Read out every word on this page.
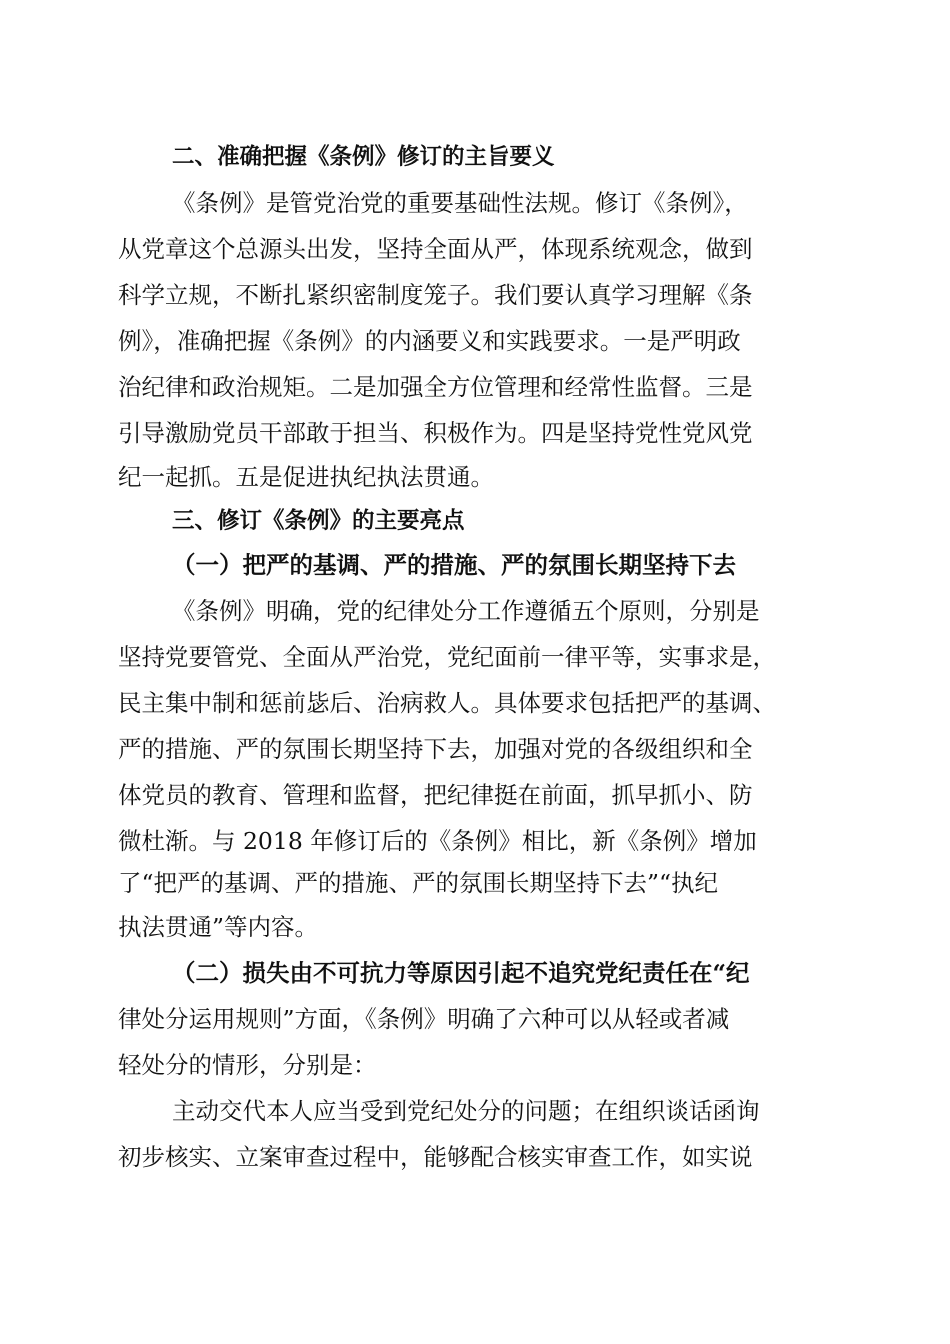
二、准确把握《条例》修订的主旨要义
《条例》是管党治党的重要基础性法规。修订《条例》，
从党章这个总源头出发，坚持全面从严，体现系统观念，做到
科学立规，不断扎紧织密制度笼子。我们要认真学习理解《条
例》，准确把握《条例》的内涵要义和实践要求。一是严明政
治纪律和政治规矩。二是加强全方位管理和经常性监督。三是
引导激励党员干部敢于担当、积极作为。四是坚持党性党风党
纪一起抓。五是促进执纪执法贯通。
三、修订《条例》的主要亮点
（一）把严的基调、严的措施、严的氛围长期坚持下去
《条例》明确，党的纪律处分工作遵循五个原则，分别是
坚持党要管党、全面从严治党，党纪面前一律平等，实事求是，
民主集中制和惩前毖后、治病救人。具体要求包括把严的基调、
严的措施、严的氛围长期坚持下去，加强对党的各级组织和全
体党员的教育、管理和监督，把纪律挺在前面，抓早抓小、防
微杜渐。与 2018 年修订后的《条例》相比，新《条例》增加
了“把严的基调、严的措施、严的氛围长期坚持下去”“执纪
执法贯通”等内容。
（二）损失由不可抗力等原因引起不追究党纪责任在“纪
律处分运用规则”方面，《条例》明确了六种可以从轻或者减
轻处分的情形，分别是：
主动交代本人应当受到党纪处分的问题；在组织谈话函询
初步核实、立案审查过程中，能够配合核实审查工作，如实说
